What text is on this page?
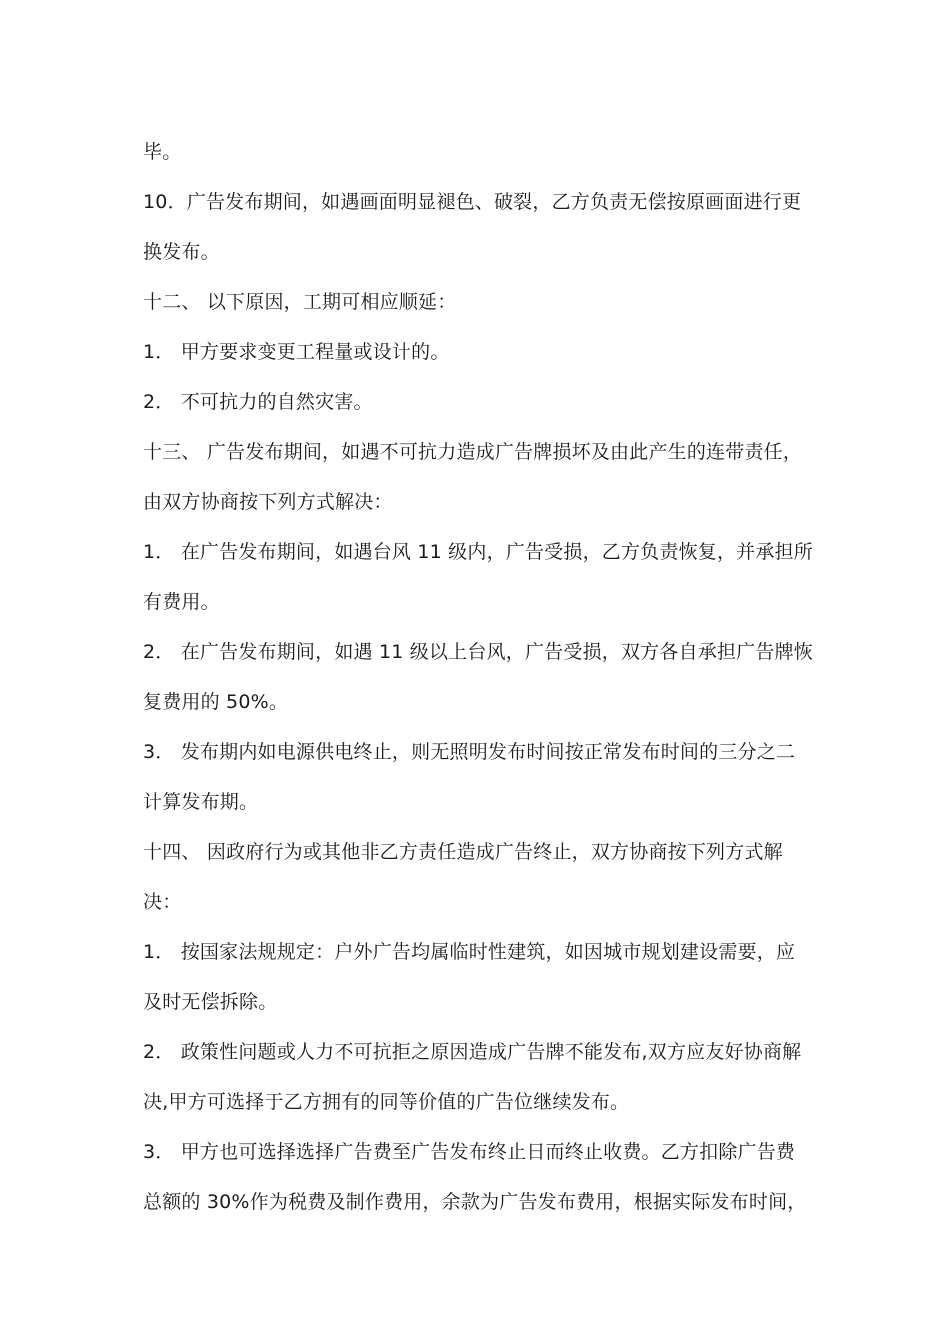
毕。
10．广告发布期间，如遇画面明显褪色、破裂，乙方负责无偿按原画面进行更
换发布。
十二、 以下原因，工期可相应顺延：
1． 甲方要求变更工程量或设计的。
2． 不可抗力的自然灾害。
十三、 广告发布期间，如遇不可抗力造成广告牌损坏及由此产生的连带责任，
由双方协商按下列方式解决：
1． 在广告发布期间，如遇台风 11 级内，广告受损，乙方负责恢复，并承担所
有费用。
2． 在广告发布期间，如遇 11 级以上台风，广告受损，双方各自承担广告牌恢
复费用的 50%。
3． 发布期内如电源供电终止，则无照明发布时间按正常发布时间的三分之二
计算发布期。
十四、 因政府行为或其他非乙方责任造成广告终止，双方协商按下列方式解
决：
1． 按国家法规规定：户外广告均属临时性建筑，如因城市规划建设需要，应
及时无偿拆除。
2． 政策性问题或人力不可抗拒之原因造成广告牌不能发布,双方应友好协商解
决,甲方可选择于乙方拥有的同等价值的广告位继续发布。
3． 甲方也可选择选择广告费至广告发布终止日而终止收费。乙方扣除广告费
总额的 30%作为税费及制作费用，余款为广告发布费用，根据实际发布时间，
